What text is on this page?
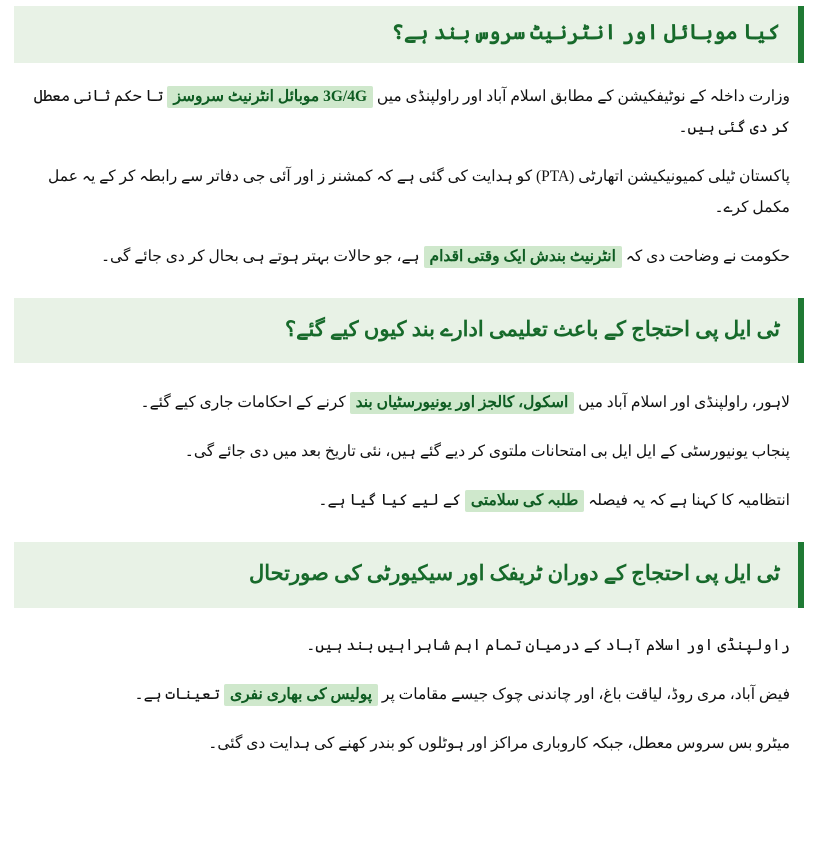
کیا موبائل اور انٹرنیٹ سروس بند ہے؟

وزارت داخلہ کے نوٹیفکیشن کے مطابق اسلام آباد اور راولپنڈی میں 3G/4G موبائل انٹرنیٹ سروسز تا حکم ثانی معطل کر دی گئی ہیں۔

پاکستان ٹیلی کمیونیکیشن اتھارٹی (PTA) کو ہدایت کی گئی ہے کہ کمشنر ز اور آئی جی دفاتر سے رابطہ کر کے یہ عمل مکمل کرے۔

حکومت نے وضاحت دی کہ انٹرنیٹ بندش ایک وقتی اقدام ہے، جو حالات بہتر ہوتے ہی بحال کر دی جائے گی۔

ٹی ایل پی احتجاج کے باعث تعلیمی ادارے بند کیوں کیے گئے؟

لاہور، راولپنڈی اور اسلام آباد میں اسکول، کالجز اور یونیورسٹیاں بند کرنے کے احکامات جاری کیے گئے۔

پنجاب یونیورسٹی کے ایل ایل بی امتحانات ملتوی کر دیے گئے ہیں، نئی تاریخ بعد میں دی جائے گی۔

انتظامیہ کا کہنا ہے کہ یہ فیصلہ طلبہ کی سلامتی کے لیے کیا گیا ہے۔

ٹی ایل پی احتجاج کے دوران ٹریفک اور سیکیورٹی کی صورتحال

راولپنڈی اور اسلام آباد کے درمیان تمام اہم شاہراہیں بند ہیں۔

فیض آباد، مری روڈ، لیاقت باغ، اور چاندنی چوک جیسے مقامات پر پولیس کی بھاری نفری تعینات ہے۔

میٹرو بس سروس معطل، جبکہ کاروباری مراکز اور ہوٹلوں کو بندر کھنے کی ہدایت دی گئی۔
